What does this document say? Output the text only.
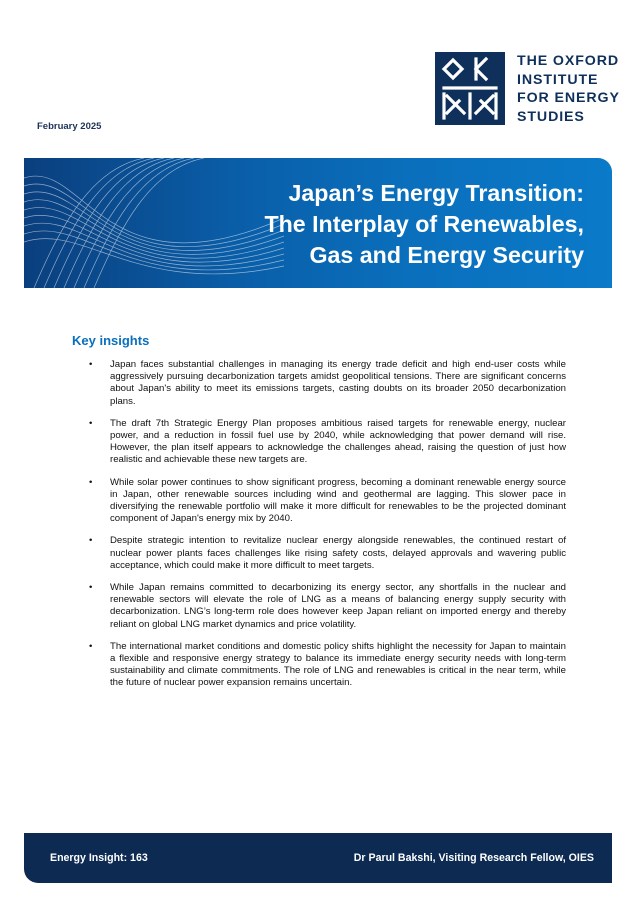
THE OXFORD
INSTITUTE
FOR ENERGY
STUDIES
February 2025
Japan’s Energy Transition:
The Interplay of Renewables,
Gas and Energy Security
Key insights
• Japan faces substantial challenges in managing its energy trade deficit and high end-user costs while aggressively pursuing decarbonization targets amidst geopolitical tensions. There are significant concerns about Japan's ability to meet its emissions targets, casting doubts on its broader 2050 decarbonization plans.
• The draft 7th Strategic Energy Plan proposes ambitious raised targets for renewable energy, nuclear power, and a reduction in fossil fuel use by 2040, while acknowledging that power demand will rise. However, the plan itself appears to acknowledge the challenges ahead, raising the question of just how realistic and achievable these new targets are.
• While solar power continues to show significant progress, becoming a dominant renewable energy source in Japan, other renewable sources including wind and geothermal are lagging. This slower pace in diversifying the renewable portfolio will make it more difficult for renewables to be the projected dominant component of Japan's energy mix by 2040.
• Despite strategic intention to revitalize nuclear energy alongside renewables, the continued restart of nuclear power plants faces challenges like rising safety costs, delayed approvals and wavering public acceptance, which could make it more difficult to meet targets.
• While Japan remains committed to decarbonizing its energy sector, any shortfalls in the nuclear and renewable sectors will elevate the role of LNG as a means of balancing energy supply security with decarbonization. LNG’s long-term role does however keep Japan reliant on imported energy and thereby reliant on global LNG market dynamics and price volatility.
• The international market conditions and domestic policy shifts highlight the necessity for Japan to maintain a flexible and responsive energy strategy to balance its immediate energy security needs with long-term sustainability and climate commitments. The role of LNG and renewables is critical in the near term, while the future of nuclear power expansion remains uncertain.
Energy Insight: 163	Dr Parul Bakshi, Visiting Research Fellow, OIES
